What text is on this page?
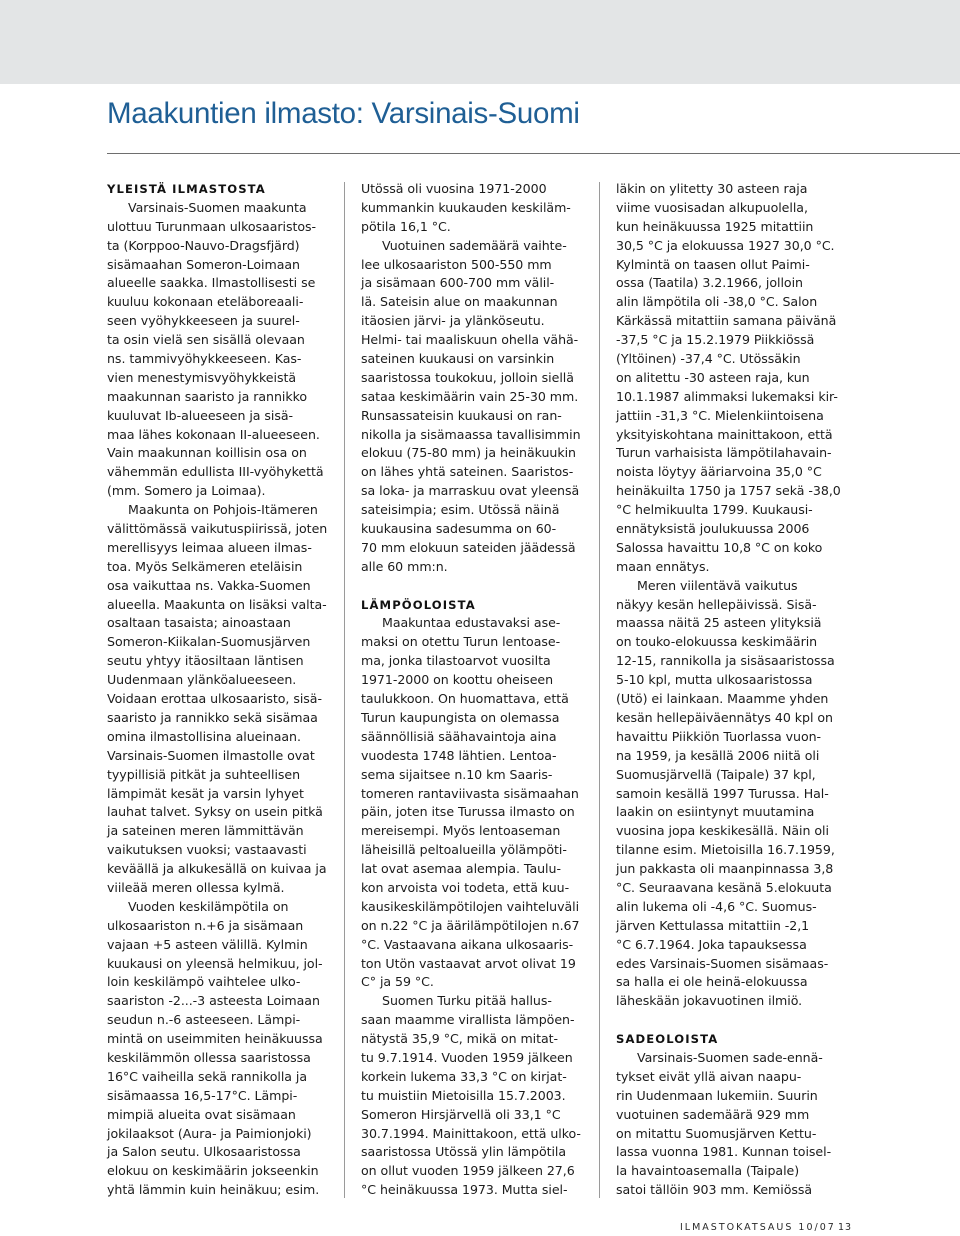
Maakuntien ilmasto: Varsinais-Suomi
YLEISTÄ ILMASTOSTA
Varsinais-Suomen maakunta
ulottuu Turunmaan ulkosaaristos-
ta (Korppoo-Nauvo-Dragsfjärd)
sisämaahan Someron-Loimaan
alueelle saakka. Ilmastollisesti se
kuuluu kokonaan eteläboreaali-
seen vyöhykkeeseen ja suurel-
ta osin vielä sen sisällä olevaan
ns. tammivyöhykkeeseen. Kas-
vien menestymisvyöhykkeistä
maakunnan saaristo ja rannikko
kuuluvat Ib-alueeseen ja sisä-
maa lähes kokonaan II-alueeseen.
Vain maakunnan koillisin osa on
vähemmän edullista III-vyöhykettä
(mm. Somero ja Loimaa).
Maakunta on Pohjois-Itämeren
välittömässä vaikutuspiirissä, joten
merellisyys leimaa alueen ilmas-
toa. Myös Selkämeren eteläisin
osa vaikuttaa ns. Vakka-Suomen
alueella. Maakunta on lisäksi valta-
osaltaan tasaista; ainoastaan
Someron-Kiikalan-Suomusjärven
seutu yhtyy itäosiltaan läntisen
Uudenmaan ylänköalueeseen.
Voidaan erottaa ulkosaaristo, sisä-
saaristo ja rannikko sekä sisämaa
omina ilmastollisina alueinaan.
Varsinais-Suomen ilmastolle ovat
tyypillisiä pitkät ja suhteellisen
lämpimät kesät ja varsin lyhyet
lauhat talvet. Syksy on usein pitkä
ja sateinen meren lämmittävän
vaikutuksen vuoksi; vastaavasti
keväällä ja alkukesällä on kuivaa ja
viileää meren ollessa kylmä.
Vuoden keskilämpötila on
ulkosaariston n.+6 ja sisämaan
vajaan +5 asteen välillä. Kylmin
kuukausi on yleensä helmikuu, jol-
loin keskilämpö vaihtelee ulko-
saariston -2...-3 asteesta Loimaan
seudun n.-6 asteeseen. Lämpi-
mintä on useimmiten heinäkuussa
keskilämmön ollessa saaristossa
16°C vaiheilla sekä rannikolla ja
sisämaassa 16,5-17°C. Lämpi-
mimpiä alueita ovat sisämaan
jokilaaksot (Aura- ja Paimionjoki)
ja Salon seutu. Ulkosaaristossa
elokuu on keskimäärin jokseenkin
yhtä lämmin kuin heinäkuu; esim.
Utössä oli vuosina 1971-2000
kummankin kuukauden keskiläm-
pötila 16,1 °C.
Vuotuinen sademäärä vaihte-
lee ulkosaariston 500-550 mm
ja sisämaan 600-700 mm välil-
lä. Sateisin alue on maakunnan
itäosien järvi- ja ylänköseutu.
Helmi- tai maaliskuun ohella vähä-
sateinen kuukausi on varsinkin
saaristossa toukokuu, jolloin siellä
sataa keskimäärin vain 25-30 mm.
Runsassateisin kuukausi on ran-
nikolla ja sisämaassa tavallisimmin
elokuu (75-80 mm) ja heinäkuukin
on lähes yhtä sateinen. Saaristos-
sa loka- ja marraskuu ovat yleensä
sateisimpia; esim. Utössä näinä
kuukausina sadesumma on 60-
70 mm elokuun sateiden jäädessä
alle 60 mm:n.
LÄMPÖOLOISTA
Maakuntaa edustavaksi ase-
maksi on otettu Turun lentoase-
ma, jonka tilastoarvot vuosilta
1971-2000 on koottu oheiseen
taulukkoon. On huomattava, että
Turun kaupungista on olemassa
säännöllisiä säähavaintoja aina
vuodesta 1748 lähtien. Lentoa-
sema sijaitsee n.10 km Saaris-
tomeren rantaviivasta sisämaahan
päin, joten itse Turussa ilmasto on
mereisempi. Myös lentoaseman
läheisillä peltoalueilla yölämpöti-
lat ovat asemaa alempia. Taulu-
kon arvoista voi todeta, että kuu-
kausikeskilämpötilojen vaihteluväli
on n.22 °C ja äärilämpötilojen n.67
°C. Vastaavana aikana ulkosaaris-
ton Utön vastaavat arvot olivat 19
C° ja 59 °C.
Suomen Turku pitää hallus-
saan maamme virallista lämpöen-
nätystä 35,9 °C, mikä on mitat-
tu 9.7.1914. Vuoden 1959 jälkeen
korkein lukema 33,3 °C on kirjat-
tu muistiin Mietoisilla 15.7.2003.
Someron Hirsjärvellä oli 33,1 °C
30.7.1994. Mainittakoon, että ulko-
saaristossa Utössä ylin lämpötila
on ollut vuoden 1959 jälkeen 27,6
°C heinäkuussa 1973. Mutta siel-
läkin on ylitetty 30 asteen raja
viime vuosisadan alkupuolella,
kun heinäkuussa 1925 mitattiin
30,5 °C ja elokuussa 1927 30,0 °C.
Kylmintä on taasen ollut Paimi-
ossa (Taatila) 3.2.1966, jolloin
alin lämpötila oli -38,0 °C. Salon
Kärkässä mitattiin samana päivänä
-37,5 °C ja 15.2.1979 Piikkiössä
(Yltöinen) -37,4 °C. Utössäkin
on alitettu -30 asteen raja, kun
10.1.1987 alimmaksi lukemaksi kir-
jattiin -31,3 °C. Mielenkiintoisena
yksityiskohtana mainittakoon, että
Turun varhaisista lämpötilahavain-
noista löytyy ääriarvoina 35,0 °C
heinäkuilta 1750 ja 1757 sekä -38,0
°C helmikuulta 1799. Kuukausi-
ennätyksistä joulukuussa 2006
Salossa havaittu 10,8 °C on koko
maan ennätys.
Meren viilentävä vaikutus
näkyy kesän hellepäivissä. Sisä-
maassa näitä 25 asteen ylityksiä
on touko-elokuussa keskimäärin
12-15, rannikolla ja sisäsaaristossa
5-10 kpl, mutta ulkosaaristossa
(Utö) ei lainkaan. Maamme yhden
kesän hellepäiväennätys 40 kpl on
havaittu Piikkiön Tuorlassa vuon-
na 1959, ja kesällä 2006 niitä oli
Suomusjärvellä (Taipale) 37 kpl,
samoin kesällä 1997 Turussa. Hal-
laakin on esiintynyt muutamina
vuosina jopa keskikesällä. Näin oli
tilanne esim. Mietoisilla 16.7.1959,
jun pakkasta oli maanpinnassa 3,8
°C. Seuraavana kesänä 5.elokuuta
alin lukema oli -4,6 °C. Suomus-
järven Kettulassa mitattiin -2,1
°C 6.7.1964. Joka tapauksessa
edes Varsinais-Suomen sisämaas-
sa halla ei ole heinä-elokuussa
läheskään jokavuotinen ilmiö.
SADEOLOISTA
Varsinais-Suomen sade-ennä-
tykset eivät yllä aivan naapu-
rin Uudenmaan lukemiin. Suurin
vuotuinen sademäärä 929 mm
on mitattu Suomusjärven Kettu-
lassa vuonna 1981. Kunnan toisel-
la havaintoasemalla (Taipale)
satoi tällöin 903 mm. Kemiössä
ILMASTOKATSAUS 10/07 13
